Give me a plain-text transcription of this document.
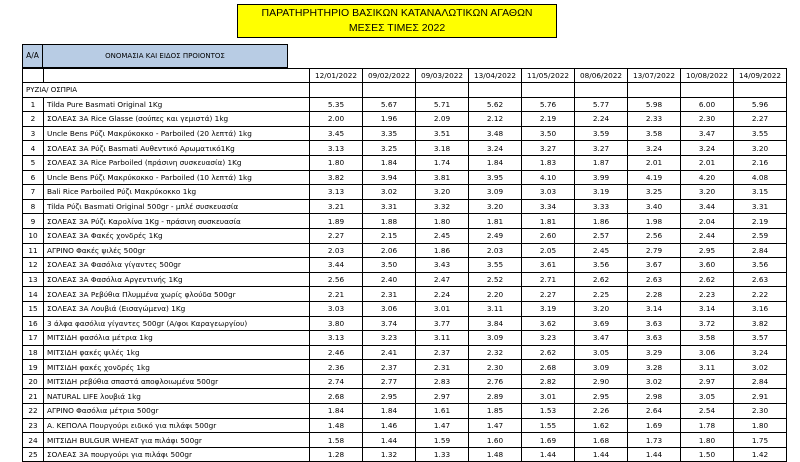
ΠΑΡΑΤΗΡΗΤΗΡΙΟ ΒΑΣΙΚΩΝ ΚΑΤΑΝΑΛΩΤΙΚΩΝ ΑΓΑΘΩΝ
ΜΕΣΕΣ ΤΙΜΕΣ 2022
Α/Α	ΟΝΟΜΑΣΙΑ ΚΑΙ ΕΙΔΟΣ ΠΡΟΙΟΝΤΟΣ
		12/01/2022	09/02/2022	09/03/2022	13/04/2022	11/05/2022	08/06/2022	13/07/2022	10/08/2022	14/09/2022
ΡΥΖΙΑ/ ΟΣΠΡΙΑ										
1	Tilda Pure Basmati Original 1Kg	5.35	5.67	5.71	5.62	5.76	5.77	5.98	6.00	5.96
2	ΣΟΛΕΑΣ 3Α Rice Glasse (σούπες και γεμιστά) 1kg	2.00	1.96	2.09	2.12	2.19	2.24	2.33	2.30	2.27
3	Uncle Bens Ρύζι Μακρύκοκκο - Parboiled (20 λεπτά) 1kg	3.45	3.35	3.51	3.48	3.50	3.59	3.58	3.47	3.55
4	ΣΟΛΕΑΣ 3Α Ρύζι Basmati Αυθεντικό Αρωματικό1Kg	3.13	3.25	3.18	3.24	3.27	3.27	3.24	3.24	3.20
5	ΣΟΛΕΑΣ 3Α Rice Parboiled (πράσινη συσκευασία) 1Kg	1.80	1.84	1.74	1.84	1.83	1.87	2.01	2.01	2.16
6	Uncle Bens Ρύζι Μακρύκοκκο - Parboiled (10 λεπτά) 1kg	3.82	3.94	3.81	3.95	4.10	3.99	4.19	4.20	4.08
7	Bali Rice Parboiled Ρύζι Μακρύκοκκο 1kg	3.13	3.02	3.20	3.09	3.03	3.19	3.25	3.20	3.15
8	Tilda Ρύζι Basmati Original 500gr - μπλέ συσκευασία	3.21	3.31	3.32	3.20	3.34	3.33	3.40	3.44	3.31
9	ΣΟΛΕΑΣ 3Α Ρύζι Καρολίνα 1Kg - πράσινη συσκευασία	1.89	1.88	1.80	1.81	1.81	1.86	1.98	2.04	2.19
10	ΣΟΛΕΑΣ 3Α Φακές χονδρές 1Kg	2.27	2.15	2.45	2.49	2.60	2.57	2.56	2.44	2.59
11	ΑΓΡΙΝΟ Φακές ψιλές 500gr	2.03	2.06	1.86	2.03	2.05	2.45	2.79	2.95	2.84
12	ΣΟΛΕΑΣ 3Α Φασόλια γίγαντες 500gr	3.44	3.50	3.43	3.55	3.61	3.56	3.67	3.60	3.56
13	ΣΟΛΕΑΣ 3Α Φασόλια Αργεντινής 1Kg	2.56	2.40	2.47	2.52	2.71	2.62	2.63	2.62	2.63
14	ΣΟΛΕΑΣ 3Α Ρεβύθια Πλυμμένα χωρίς φλούδα 500gr	2.21	2.31	2.24	2.20	2.27	2.25	2.28	2.23	2.22
15	ΣΟΛΕΑΣ 3Α Λουβιά (Εισαγώμενα) 1Kg	3.03	3.06	3.01	3.11	3.19	3.20	3.14	3.14	3.16
16	3 άλφα φασόλια γίγαντες 500gr (Α/φοι Καραγεωργίου)	3.80	3.74	3.77	3.84	3.62	3.69	3.63	3.72	3.82
17	ΜΙΤΣΙΔΗ φασόλια μέτρια 1kg	3.13	3.23	3.11	3.09	3.23	3.47	3.63	3.58	3.57
18	ΜΙΤΣΙΔΗ φακές ψιλές 1kg	2.46	2.41	2.37	2.32	2.62	3.05	3.29	3.06	3.24
19	ΜΙΤΣΙΔΗ φακές χονδρές 1kg	2.36	2.37	2.31	2.30	2.68	3.09	3.28	3.11	3.02
20	ΜΙΤΣΙΔΗ ρεβύθια σπαστά αποφλοιωμένα 500gr	2.74	2.77	2.83	2.76	2.82	2.90	3.02	2.97	2.84
21	NATURAL LIFE λουβιά 1kg	2.68	2.95	2.97	2.89	3.01	2.95	2.98	3.05	2.91
22	ΑΓΡΙΝΟ Φασόλια μέτρια 500gr	1.84	1.84	1.61	1.85	1.53	2.26	2.64	2.54	2.30
23	Α. ΚΕΠΟΛΑ Πουργούρι ειδικό για πιλάφι 500gr	1.48	1.46	1.47	1.47	1.55	1.62	1.69	1.78	1.80
24	ΜΙΤΣΙΔΗ BULGUR WHEAT για πιλάφι 500gr	1.58	1.44	1.59	1.60	1.69	1.68	1.73	1.80	1.75
25	ΣΟΛΕΑΣ 3Α πουργούρι για πιλάφι 500gr	1.28	1.32	1.33	1.48	1.44	1.44	1.44	1.50	1.42
